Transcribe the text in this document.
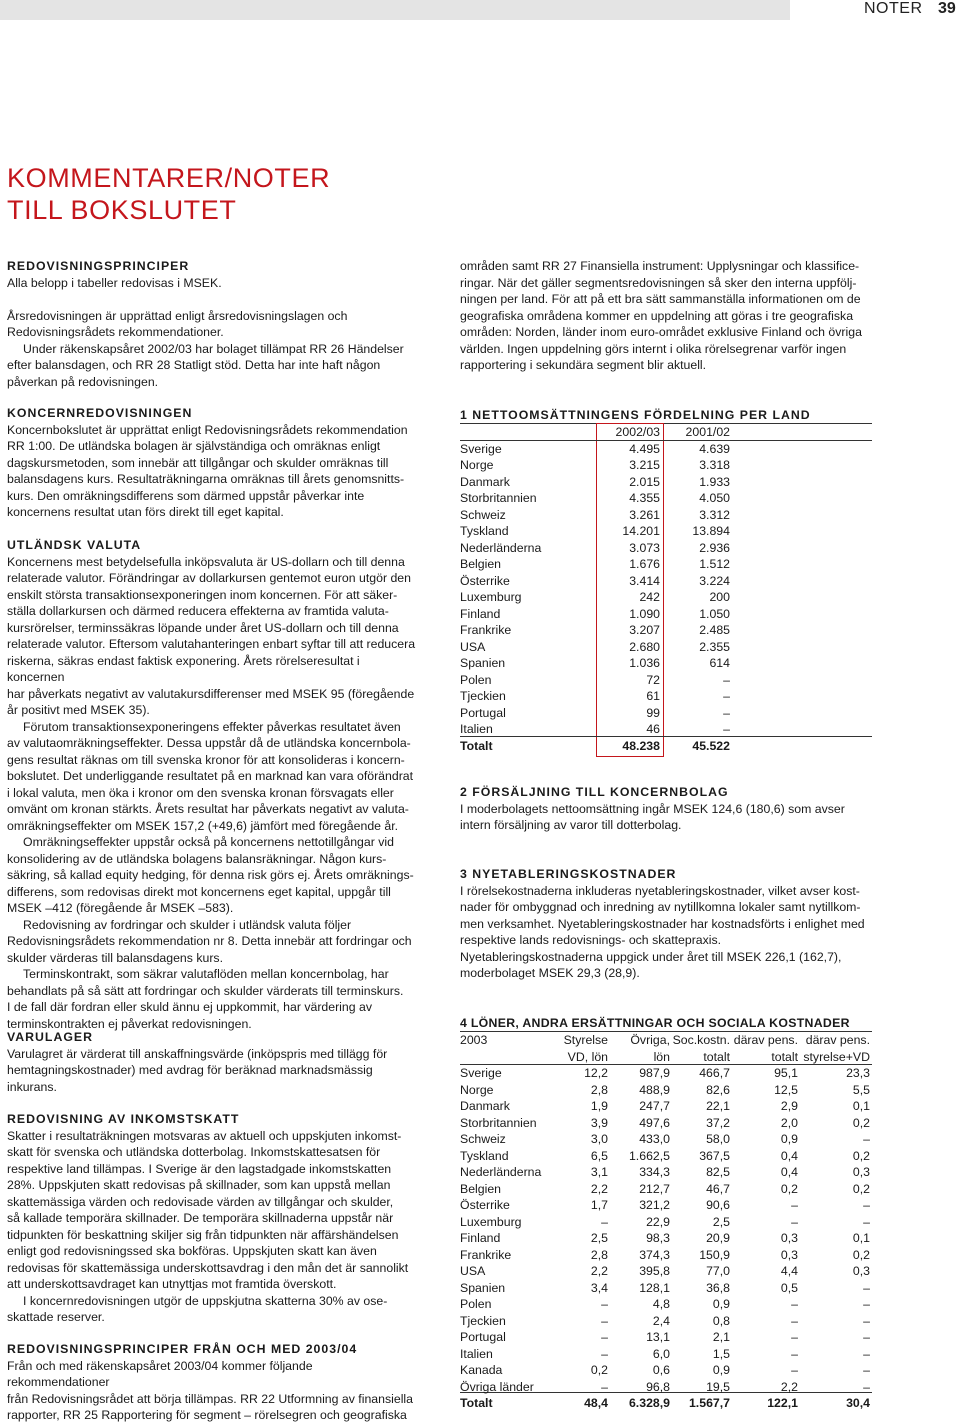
NOTER 39
KOMMENTARER/NOTER
TILL BOKSLUTET

REDOVISNINGSPRINCIPER

Alla belopp i tabeller redovisas i MSEK.

Årsredovisningen är upprättad enligt årsredovisningslagen och
Redovisningsrådets rekommendationer.

Under räkenskapsåret 2002/03 har bolaget tillämpat RR 26 Händelser
efter balansdagen, och RR 28 Statligt stöd. Detta har inte haft någon
påverkan på redovisningen.

KONCERNREDOVISNINGEN

Koncernbokslutet är upprättat enligt Redovisningsrådets rekommendation
RR 1:00. De utländska bolagen är självständiga och omräknas enligt
dagskursmetoden, som innebär att tillgångar och skulder omräknas till
balansdagens kurs. Resultaträkningarna omräknas till årets genomsnitts-
kurs. Den omräkningsdifferens som därmed uppstår påverkar inte
koncernens resultat utan förs direkt till eget kapital.

UTLÄNDSK VALUTA

Koncernens mest betydelsefulla inköpsvaluta är US-dollarn och till denna
relaterade valutor. Förändringar av dollarkursen gentemot euron utgör den
enskilt största transaktionsexponeringen inom koncernen. För att säker-
ställa dollarkursen och därmed reducera effekterna av framtida valuta-
kursrörelser, terminssäkras löpande under året US-dollarn och till denna
relaterade valutor. Eftersom valutahanteringen enbart syftar till att reducera
riskerna, säkras endast faktisk exponering. Årets rörelseresultat i koncernen
har påverkats negativt av valutakursdifferenser med MSEK 95 (föregående
år positivt med MSEK 35).

Förutom transaktionsexponeringens effekter påverkas resultatet även
av valutaomräkningseffekter. Dessa uppstår då de utländska koncernbola-
gens resultat räknas om till svenska kronor för att konsolideras i koncern-
bokslutet. Det underliggande resultatet på en marknad kan vara oförändrat
i lokal valuta, men öka i kronor om den svenska kronan försvagats eller
omvänt om kronan stärkts. Årets resultat har påverkats negativt av valuta-
omräkningseffekter om MSEK 157,2 (+49,6) jämfört med föregående år.

Omräkningseffekter uppstår också på koncernens nettotillgångar vid
konsolidering av de utländska bolagens balansräkningar. Någon kurs-
säkring, så kallad equity hedging, för denna risk görs ej. Årets omräknings-
differens, som redovisas direkt mot koncernens eget kapital, uppgår till
MSEK –412 (föregående år MSEK –583).

Redovisning av fordringar och skulder i utländsk valuta följer
Redovisningsrådets rekommendation nr 8. Detta innebär att fordringar och
skulder värderas till balansdagens kurs.

Terminskontrakt, som säkrar valutaflöden mellan koncernbolag, har
behandlats på så sätt att fordringar och skulder värderats till terminskurs.
I de fall där fordran eller skuld ännu ej uppkommit, har värdering av
terminskontrakten ej påverkat redovisningen.

VARULAGER

Varulagret är värderat till anskaffningsvärde (inköpspris med tillägg för
hemtagningskostnader) med avdrag för beräknad marknadsmässig
inkurans.

REDOVISNING AV INKOMSTSKATT

Skatter i resultaträkningen motsvaras av aktuell och uppskjuten inkomst-
skatt för svenska och utländska dotterbolag. Inkomstskattesatsen för
respektive land tillämpas. I Sverige är den lagstadgade inkomstskatten
28%. Uppskjuten skatt redovisas på skillnader, som kan uppstå mellan
skattemässiga värden och redovisade värden av tillgångar och skulder,
så kallade temporära skillnader. De temporära skillnaderna uppstår när
tidpunkten för beskattning skiljer sig från tidpunkten när affärshändelsen
enligt god redovisningssed ska bokföras. Uppskjuten skatt kan även
redovisas för skattemässiga underskottsavdrag i den mån det är sannolikt
att underskottsavdraget kan utnyttjas mot framtida överskott.

I koncernredovisningen utgör de uppskjutna skatterna 30% av ose-
skattade reserver.

REDOVISNINGSPRINCIPER FRÅN OCH MED 2003/04

Från och med räkenskapsåret 2003/04 kommer följande rekommendationer
från Redovisningsrådet att börja tillämpas. RR 22 Utformning av finansiella
rapporter, RR 25 Rapportering för segment – rörelsegren och geografiska

områden samt RR 27 Finansiella instrument: Upplysningar och klassifice-
ringar. När det gäller segmentsredovisningen så sker den interna uppfölj-
ningen per land. För att på ett bra sätt sammanställa informationen om de
geografiska områdena kommer en uppdelning att göras i tre geografiska
områden: Norden, länder inom euro-området exklusive Finland och övriga
världen. Ingen uppdelning görs internt i olika rörelsegrenar varför ingen
rapportering i sekundära segment blir aktuell.

1 NETTOOMSÄTTNINGENS FÖRDELNING PER LAND

	2002/03	2001/02	
Sverige	4.495	4.639	
Norge	3.215	3.318	
Danmark	2.015	1.933	
Storbritannien	4.355	4.050	
Schweiz	3.261	3.312	
Tyskland	14.201	13.894	
Nederländerna	3.073	2.936	
Belgien	1.676	1.512	
Österrike	3.414	3.224	
Luxemburg	242	200	
Finland	1.090	1.050	
Frankrike	3.207	2.485	
USA	2.680	2.355	
Spanien	1.036	614	
Polen	72	–	
Tjeckien	61	–	
Portugal	99	–	
Italien	46	–	
Totalt	48.238	45.522	

2 FÖRSÄLJNING TILL KONCERNBOLAG

I moderbolagets nettoomsättning ingår MSEK 124,6 (180,6) som avser
intern försäljning av varor till dotterbolag.

3 NYETABLERINGSKOSTNADER

I rörelsekostnaderna inkluderas nyetableringskostnader, vilket avser kost-
nader för ombyggnad och inredning av nytillkomna lokaler samt nytillkom-
men verksamhet. Nyetableringskostnader har kostnadsförts i enlighet med
respektive lands redovisnings- och skattepraxis.

Nyetableringskostnaderna uppgick under året till MSEK 226,1 (162,7),
moderbolaget MSEK 29,3 (28,9).

4 LÖNER, ANDRA ERSÄTTNINGAR OCH SOCIALA KOSTNADER

2003	Styrelse	Övriga,	Soc.kostn.	därav pens.	därav pens.
	VD, lön	lön	totalt	totalt	styrelse+VD
Sverige	12,2	987,9	466,7	95,1	23,3
Norge	2,8	488,9	82,6	12,5	5,5
Danmark	1,9	247,7	22,1	2,9	0,1
Storbritannien	3,9	497,6	37,2	2,0	0,2
Schweiz	3,0	433,0	58,0	0,9	–
Tyskland	6,5	1.662,5	367,5	0,4	0,2
Nederländerna	3,1	334,3	82,5	0,4	0,3
Belgien	2,2	212,7	46,7	0,2	0,2
Österrike	1,7	321,2	90,6	–	–
Luxemburg	–	22,9	2,5	–	–
Finland	2,5	98,3	20,9	0,3	0,1
Frankrike	2,8	374,3	150,9	0,3	0,2
USA	2,2	395,8	77,0	4,4	0,3
Spanien	3,4	128,1	36,8	0,5	–
Polen	–	4,8	0,9	–	–
Tjeckien	–	2,4	0,8	–	–
Portugal	–	13,1	2,1	–	–
Italien	–	6,0	1,5	–	–
Kanada	0,2	0,6	0,9	–	–
Övriga länder	–	96,8	19,5	2,2	–
Totalt	48,4	6.328,9	1.567,7	122,1	30,4
